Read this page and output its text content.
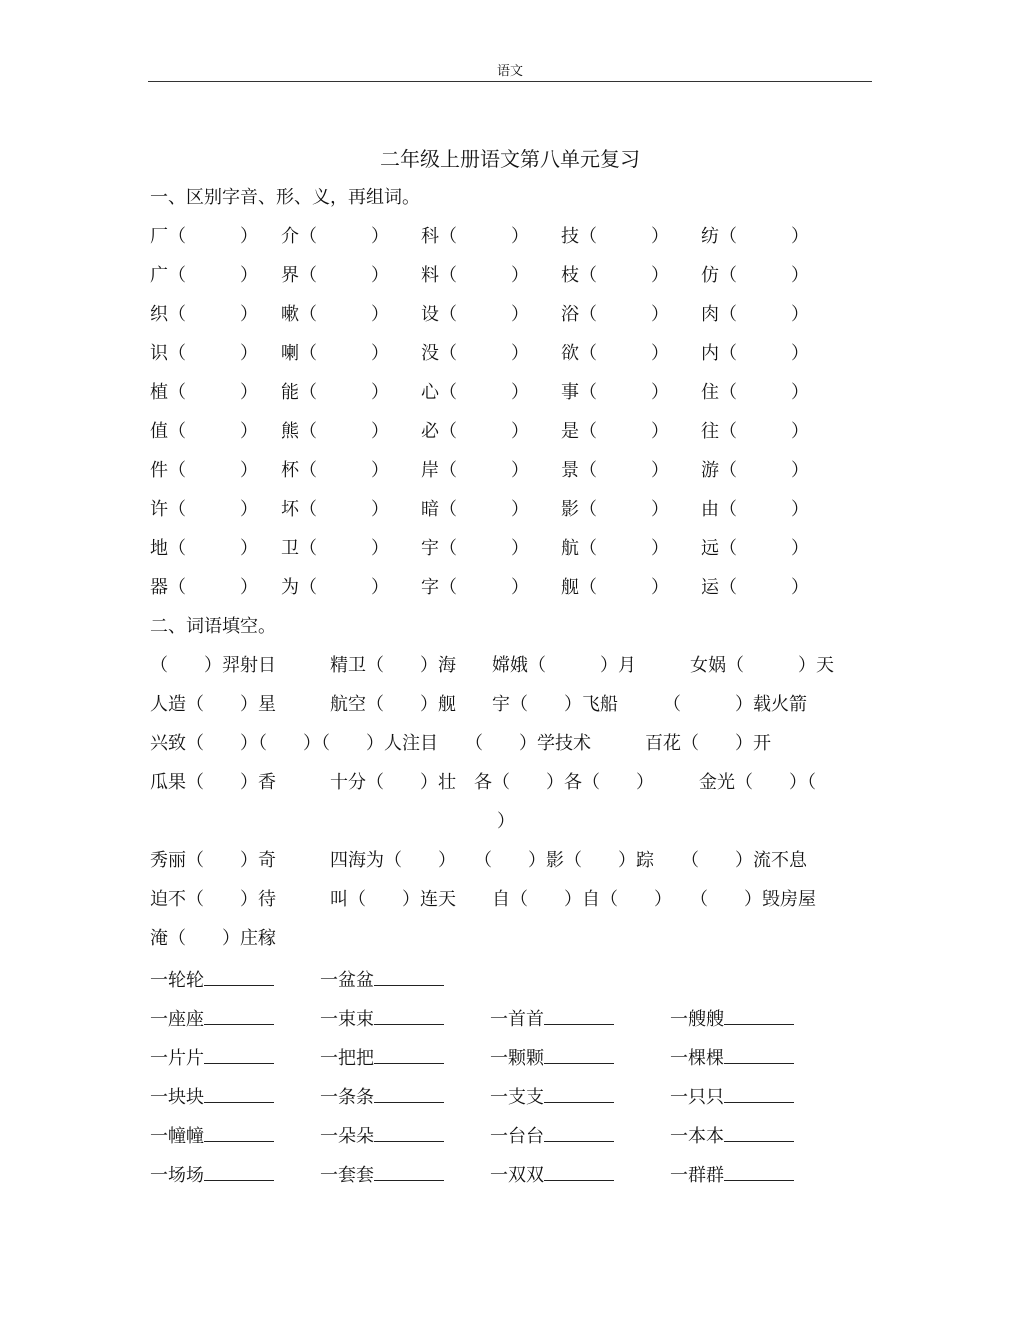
语文
二年级上册语文第八单元复习
一、区别字音、形、义，再组词。
厂（　　　） 介（　　　） 科（　　　） 技（　　　） 纺（　　　）
广（　　　） 界（　　　） 料（　　　） 枝（　　　） 仿（　　　）
织（　　　） 嗽（　　　） 设（　　　） 浴（　　　） 肉（　　　）
识（　　　） 喇（　　　） 没（　　　） 欲（　　　） 内（　　　）
植（　　　） 能（　　　） 心（　　　） 事（　　　） 住（　　　）
值（　　　） 熊（　　　） 必（　　　） 是（　　　） 往（　　　）
件（　　　） 杯（　　　） 岸（　　　） 景（　　　） 游（　　　）
许（　　　） 坏（　　　） 暗（　　　） 影（　　　） 由（　　　）
地（　　　） 卫（　　　） 宇（　　　） 航（　　　） 远（　　　）
器（　　　） 为（　　　） 字（　　　） 舰（　　　） 运（　　　）
二、词语填空。
（　　）羿射日　　　精卫（　　）海　　嫦娥（　　　）月　　　女娲（　　　）天
人造（　　）星　　　航空（　　）舰　　宇（　　）飞船　　　（　　　）载火箭
兴致（　　）（　　）（　　）人注目　　（　　）学技术　　　百花（　　）开
瓜果（　　）香　　　十分（　　）壮　各（　　）各（　　）　　　金光（　　）（
）
秀丽（　　）奇　　　四海为（　　）　　（　　）影（　　）踪　　（　　）流不息
迫不（　　）待　　　叫（　　）连天　　自（　　）自（　　）　　（　　）毁房屋
淹（　　）庄稼
一轮轮	一盆盆
一座座	一束束	一首首	一艘艘
一片片	一把把	一颗颗	一棵棵
一块块	一条条	一支支	一只只
一幢幢	一朵朵	一台台	一本本
一场场	一套套	一双双	一群群
